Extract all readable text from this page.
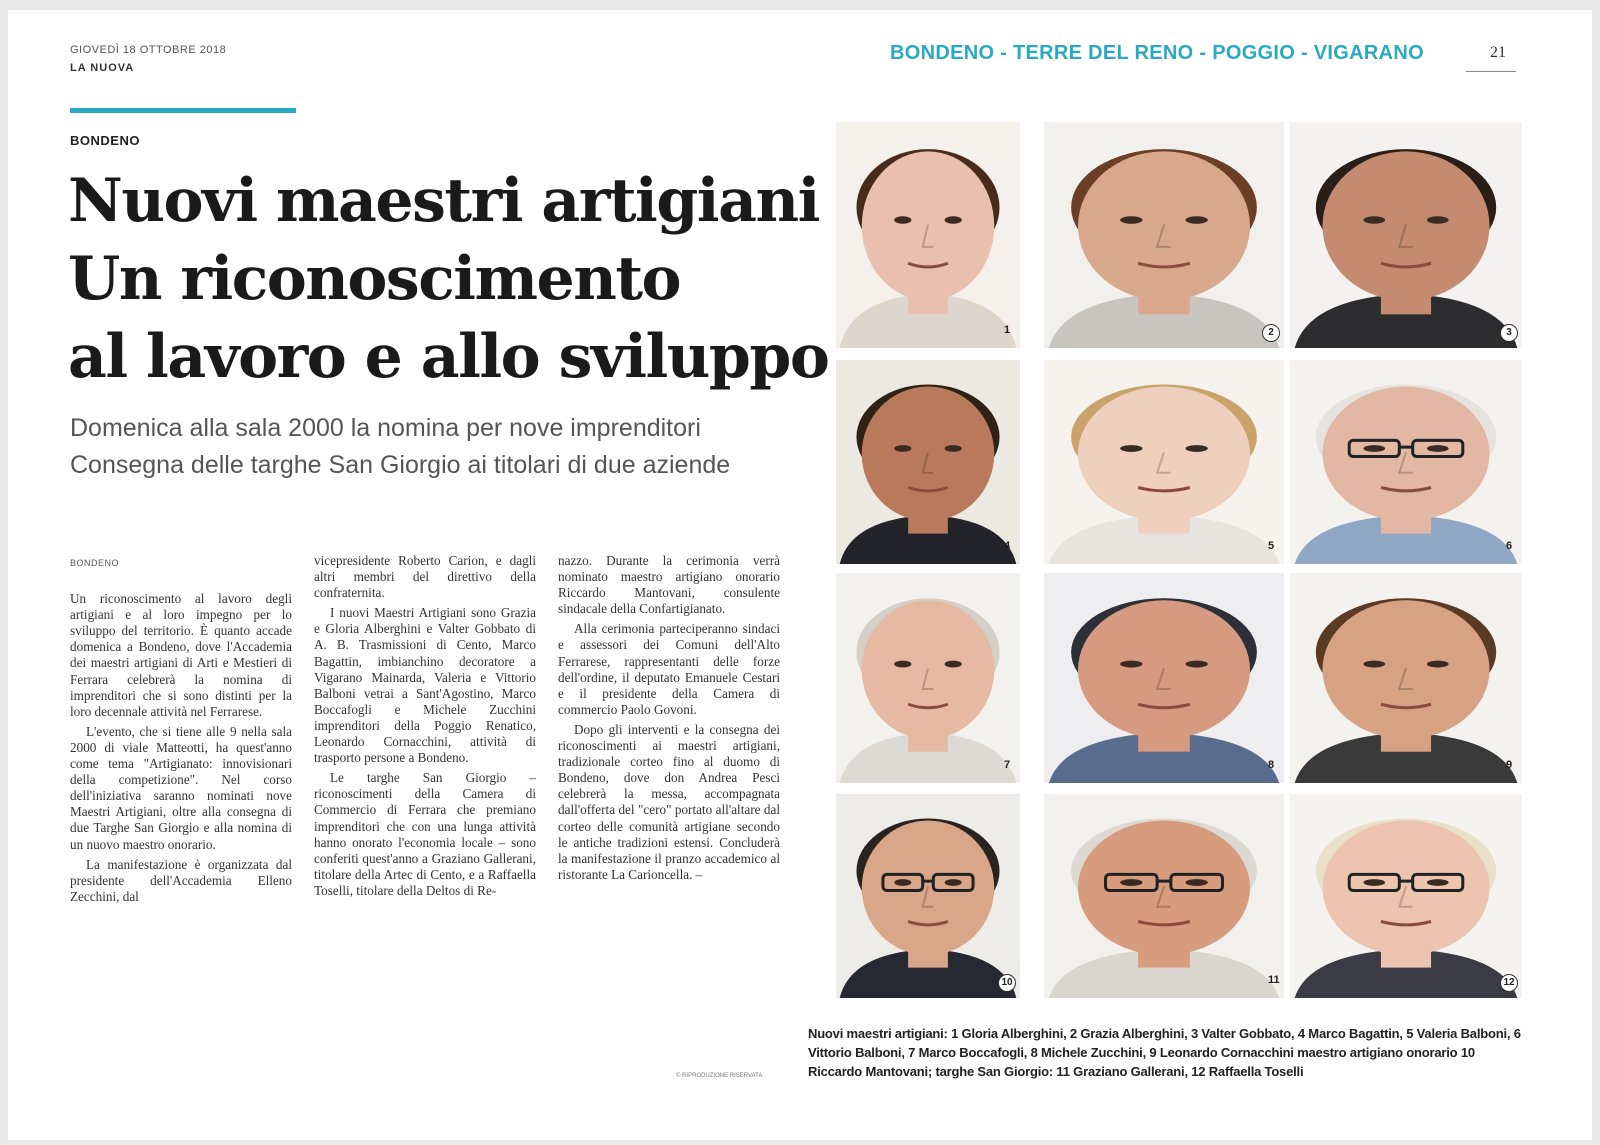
GIOVEDÌ 18 OTTOBRE 2018
LA NUOVA
BONDENO - TERRE DEL RENO - POGGIO - VIGARANO	21
BONDENO
Nuovi maestri artigiani
Un riconoscimento
al lavoro e allo sviluppo
Domenica alla sala 2000 la nomina per nove imprenditori
Consegna delle targhe San Giorgio ai titolari di due aziende

BONDENO

Un riconoscimento al lavoro degli artigiani e al loro impegno per lo sviluppo del territorio. È quanto accade domenica a Bondeno, dove l'Accademia dei maestri artigiani di Arti e Mestieri di Ferrara celebrerà la nomina di imprenditori che si sono distinti per la loro decennale attività nel Ferrarese.

L'evento, che si tiene alle 9 nella sala 2000 di viale Matteotti, ha quest'anno come tema "Artigianato: innovisionari della competizione". Nel corso dell'iniziativa saranno nominati nove Maestri Artigiani, oltre alla consegna di due Targhe San Giorgio e alla nomina di un nuovo maestro onorario.

La manifestazione è organizzata dal presidente dell'Accademia Elleno Zecchini, dal

vicepresidente Roberto Carion, e dagli altri membri del direttivo della confraternita.

I nuovi Maestri Artigiani sono Grazia e Gloria Alberghini e Valter Gobbato di A. B. Trasmissioni di Cento, Marco Bagattin, imbianchino decoratore a Vigarano Mainarda, Valeria e Vittorio Balboni vetrai a Sant'Agostino, Marco Boccafogli e Michele Zucchini imprenditori della Poggio Renatico, Leonardo Cornacchini, attività di trasporto persone a Bondeno.

Le targhe San Giorgio – riconoscimenti della Camera di Commercio di Ferrara che premiano imprenditori che con una lunga attività hanno onorato l'economia locale – sono conferiti quest'anno a Graziano Gallerani, titolare della Artec di Cento, e a Raffaella Toselli, titolare della Deltos di Re-

nazzo. Durante la cerimonia verrà nominato maestro artigiano onorario Riccardo Mantovani, consulente sindacale della Confartigianato.

Alla cerimonia parteciperanno sindaci e assessori dei Comuni dell'Alto Ferrarese, rappresentanti delle forze dell'ordine, il deputato Emanuele Cestari e il presidente della Camera di commercio Paolo Govoni.

Dopo gli interventi e la consegna dei riconoscimenti ai maestri artigiani, tradizionale corteo fino al duomo di Bondeno, dove don Andrea Pesci celebrerà la messa, accompagnata dall'offerta del "cero" portato all'altare dal corteo delle comunità artigiane secondo le antiche tradizioni estensi. Concluderà la manifestazione il pranzo accademico al ristorante La Carioncella. –

© RIPRODUZIONE RISERVATA
1	2	3
4	5	6
7	8	9
10	11	12
Nuovi maestri artigiani: 1 Gloria Alberghini, 2 Grazia Alberghini, 3 Valter Gobbato, 4 Marco Bagattin, 5 Valeria Balboni, 6 Vittorio Balboni, 7 Marco Boccafogli, 8 Michele Zucchini, 9 Leonardo Cornacchini maestro artigiano onorario 10 Riccardo Mantovani; targhe San Giorgio: 11 Graziano Gallerani, 12 Raffaella Toselli
